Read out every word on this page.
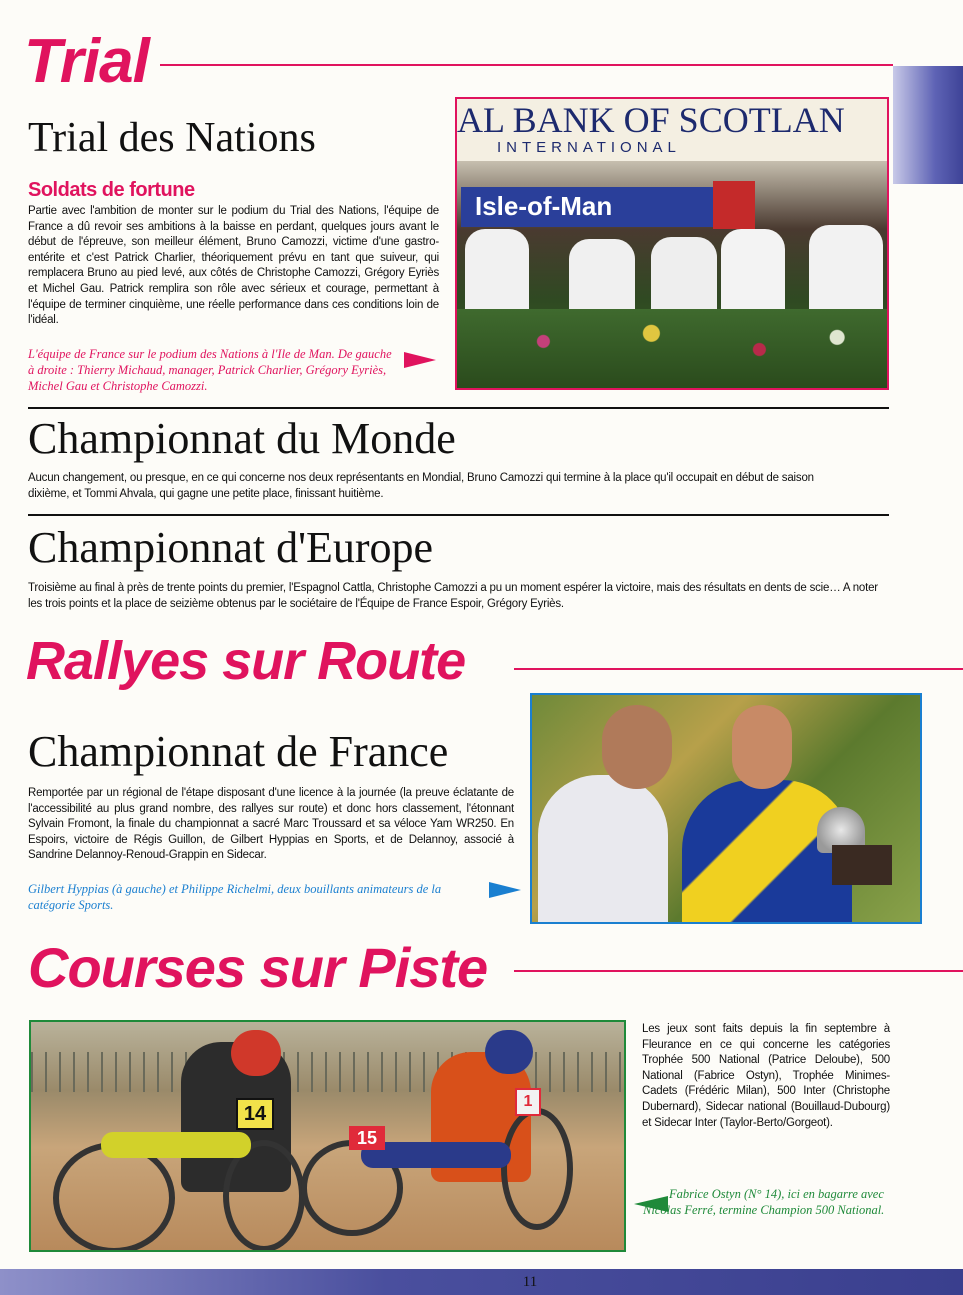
Trial
Trial des Nations
Soldats de fortune
Partie avec l'ambition de monter sur le podium du Trial des Nations, l'équipe de France a dû revoir ses ambitions à la baisse en perdant, quelques jours avant le début de l'épreuve, son meilleur élément, Bruno Camozzi, victime d'une gastro-entérite et c'est Patrick Charlier, théoriquement prévu en tant que suiveur, qui remplacera Bruno au pied levé, aux côtés de Christophe Camozzi, Grégory Eyriès et Michel Gau. Patrick remplira son rôle avec sérieux et courage, permettant à l'équipe de terminer cinquième, une réelle performance dans ces conditions loin de l'idéal.
L'équipe de France sur le podium des Nations à l'Ile de Man. De gauche à droite : Thierry Michaud, manager, Patrick Charlier, Grégory Eyriès, Michel Gau et Christophe Camozzi.
AL BANK OF SCOTLAN
INTERNATIONAL
Isle-of-Man
Championnat du Monde
Aucun changement, ou presque, en ce qui concerne nos deux représentants en Mondial, Bruno Camozzi qui termine à la place qu'il occupait en début de saison dixième, et Tommi Ahvala, qui gagne une petite place, finissant huitième.
Championnat d'Europe
Troisième au final à près de trente points du premier, l'Espagnol Cattla, Christophe Camozzi a pu un moment espérer la victoire, mais des résultats en dents de scie… A noter les trois points et la place de seizième obtenus par le sociétaire de l'Équipe de France Espoir, Grégory Eyriès.
Rallyes sur Route
Championnat de France
Remportée par un régional de l'étape disposant d'une licence à la journée (la preuve éclatante de l'accessibilité au plus grand nombre, des rallyes sur route) et donc hors classement, l'étonnant Sylvain Fromont, la finale du championnat a sacré Marc Troussard et sa véloce Yam WR250. En Espoirs, victoire de Régis Guillon, de Gilbert Hyppias en Sports, et de Delannoy, associé à Sandrine Delannoy-Renoud-Grappin en Sidecar.
Gilbert Hyppias (à gauche) et Philippe Richelmi, deux bouillants animateurs de la catégorie Sports.
Courses sur Piste
14
15
1
Les jeux sont faits depuis la fin septembre à Fleurance en ce qui concerne les catégories Trophée 500 National (Patrice Deloube), 500 National (Fabrice Ostyn), Trophée Minimes-Cadets (Frédéric Milan), 500 Inter (Christophe Dubernard), Sidecar national (Bouillaud-Dubourg) et Sidecar Inter (Taylor-Berto/Gorgeot).
Fabrice Ostyn (N° 14), ici en bagarre avec Nicolas Ferré, termine Champion 500 National.
11
